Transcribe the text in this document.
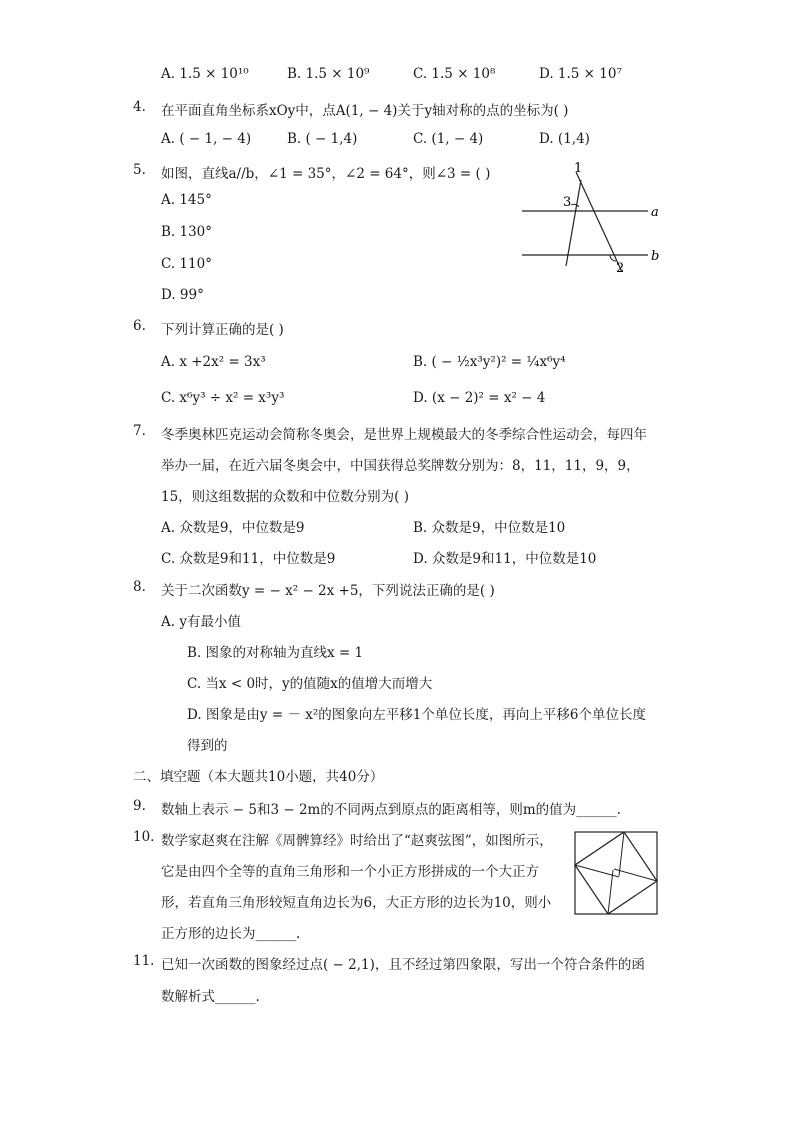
A. 1.5 × 10¹⁰	B. 1.5 × 10⁹	C. 1.5 × 10⁸	D. 1.5 × 10⁷
4.	在平面直角坐标系xOy中，点A(1, − 4)关于y轴对称的点的坐标为( )
A. ( − 1, − 4)	B. ( − 1,4)	C. (1, − 4)	D. (1,4)
5.	如图，直线a//b，∠1 = 35°，∠2 = 64°，则∠3 = ( )
A. 145°
B. 130°
C. 110°
D. 99°
1
3
2
a
b
6.	下列计算正确的是( )
A. x +2x² = 3x³	B. ( − ½x³y²)² = ¼x⁶y⁴
C. x⁶y³ ÷ x² = x³y³	D. (x − 2)² = x² − 4
7.	冬季奥林匹克运动会简称冬奥会，是世界上规模最大的冬季综合性运动会，每四年
举办一届，在近六届冬奥会中，中国获得总奖牌数分别为：8，11，11，9，9，
15，则这组数据的众数和中位数分别为( )
A. 众数是9，中位数是9	B. 众数是9，中位数是10
C. 众数是9和11，中位数是9	D. 众数是9和11，中位数是10
8.	关于二次函数y = − x² − 2x +5，下列说法正确的是( )
A. y有最小值
B. 图象的对称轴为直线x = 1
C. 当x < 0时，y的值随x的值增大而增大
D. 图象是由y = － x²的图象向左平移1个单位长度，再向上平移6个单位长度
得到的
二、填空题（本大题共10小题，共40分）
9.	数轴上表示 − 5和3 − 2m的不同两点到原点的距离相等，则m的值为______.
10. 数学家赵爽在注解《周髀算经》时给出了“赵爽弦图”，如图所示，
它是由四个全等的直角三角形和一个小正方形拼成的一个大正方
形，若直角三角形较短直角边长为6，大正方形的边长为10，则小
正方形的边长为______.
11. 已知一次函数的图象经过点( − 2,1)，且不经过第四象限，写出一个符合条件的函
数解析式______.
